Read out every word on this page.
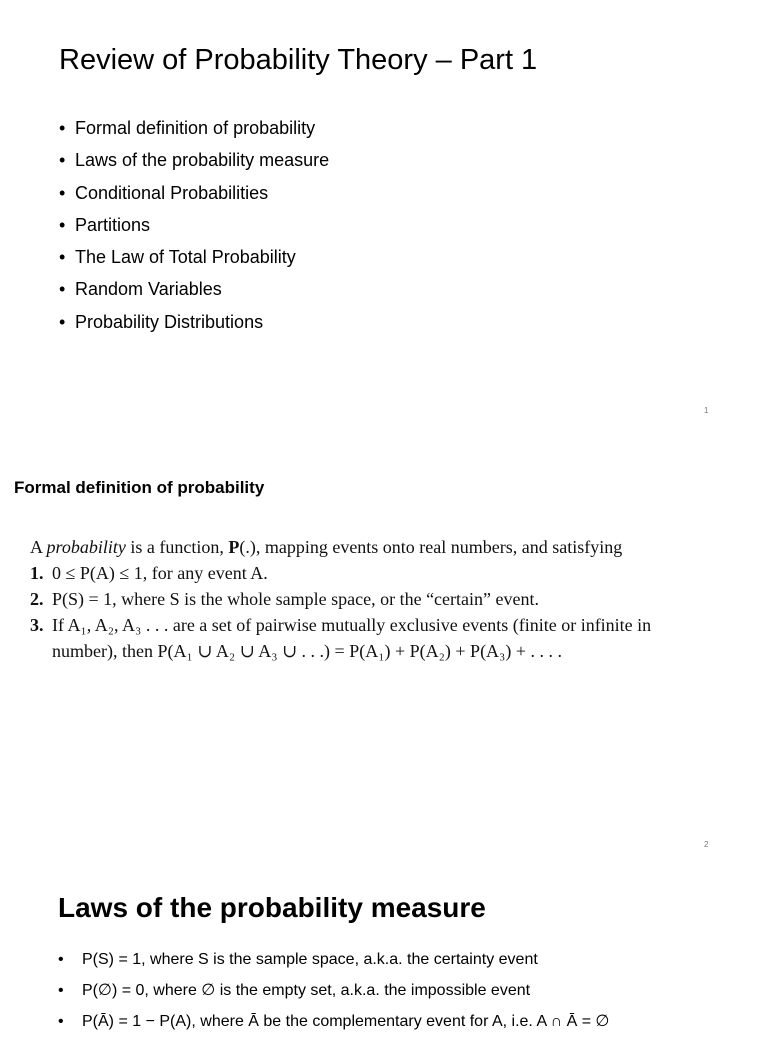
Review of Probability Theory – Part 1
• Formal definition of probability
• Laws of the probability measure
• Conditional Probabilities
• Partitions
• The Law of Total Probability
• Random Variables
• Probability Distributions
1
Formal definition of probability
A probability is a function, P(.), mapping events onto real numbers, and satisfying
1. 0 ≤ P(A) ≤ 1, for any event A.
2. P(S) = 1, where S is the whole sample space, or the “certain” event.
3. If A₁, A₂, A₃ . . . are a set of pairwise mutually exclusive events (finite or infinite in
number), then P(A₁ ∪ A₂ ∪ A₃ ∪ . . .) = P(A₁) + P(A₂) + P(A₃) + . . . .
2
Laws of the probability measure
• P(S) = 1, where S is the sample space, a.k.a. the certainty event
• P(∅) = 0, where ∅ is the empty set, a.k.a. the impossible event
• P(Ā) = 1 − P(A), where Ā be the complementary event for A, i.e. A ∩ Ā = ∅
